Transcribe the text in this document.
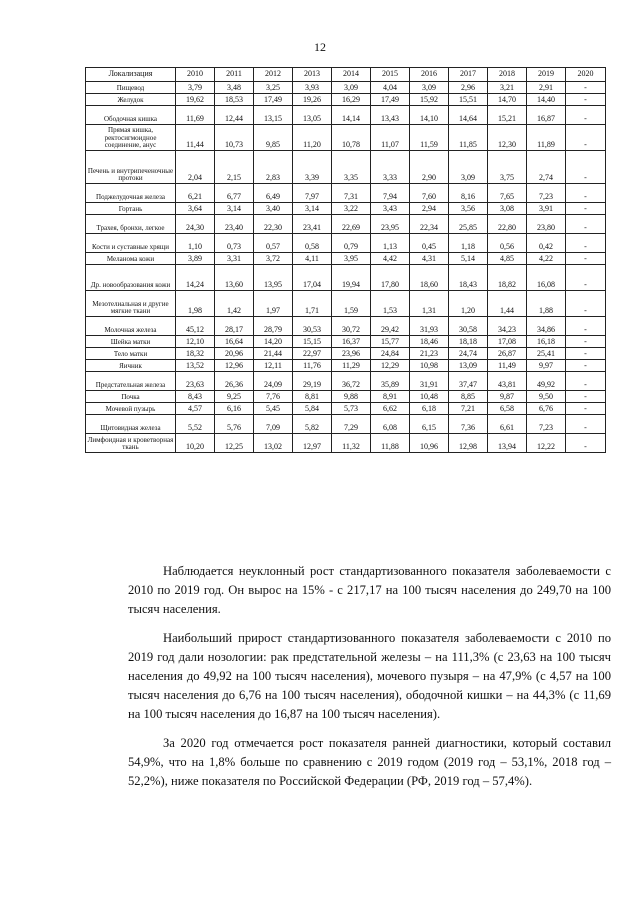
12
Локализация	2010	2011	2012	2013	2014	2015	2016	2017	2018	2019	2020
Пищевод	3,79	3,48	3,25	3,93	3,09	4,04	3,09	2,96	3,21	2,91	-
Желудок	19,62	18,53	17,49	19,26	16,29	17,49	15,92	15,51	14,70	14,40	-
Ободочная кишка	11,69	12,44	13,15	13,05	14,14	13,43	14,10	14,64	15,21	16,87	-
Прямая кишка, ректосигмоидное соединение, анус	11,44	10,73	9,85	11,20	10,78	11,07	11,59	11,85	12,30	11,89	-
Печень и внутрипеченочные протоки	2,04	2,15	2,83	3,39	3,35	3,33	2,90	3,09	3,75	2,74	-
Поджелудочная железа	6,21	6,77	6,49	7,97	7,31	7,94	7,60	8,16	7,65	7,23	-
Гортань	3,64	3,14	3,40	3,14	3,22	3,43	2,94	3,56	3,08	3,91	-
Трахея, бронхи, легкое	24,30	23,40	22,30	23,41	22,69	23,95	22,34	25,85	22,80	23,80	-
Кости и суставные хрящи	1,10	0,73	0,57	0,58	0,79	1,13	0,45	1,18	0,56	0,42	-
Меланома кожи	3,89	3,31	3,72	4,11	3,95	4,42	4,31	5,14	4,85	4,22	-
Др. новообразования кожи	14,24	13,60	13,95	17,04	19,94	17,80	18,60	18,43	18,82	16,08	-
Мезотелиальная и другие мягкие ткани	1,98	1,42	1,97	1,71	1,59	1,53	1,31	1,20	1,44	1,88	-
Молочная железа	45,12	28,17	28,79	30,53	30,72	29,42	31,93	30,58	34,23	34,86	-
Шейка матки	12,10	16,64	14,20	15,15	16,37	15,77	18,46	18,18	17,08	16,18	-
Тело матки	18,32	20,96	21,44	22,97	23,96	24,84	21,23	24,74	26,87	25,41	-
Яичник	13,52	12,96	12,11	11,76	11,29	12,29	10,98	13,09	11,49	9,97	-
Предстательная железа	23,63	26,36	24,09	29,19	36,72	35,89	31,91	37,47	43,81	49,92	-
Почка	8,43	9,25	7,76	8,81	9,88	8,91	10,48	8,85	9,87	9,50	-
Мочевой пузырь	4,57	6,16	5,45	5,84	5,73	6,62	6,18	7,21	6,58	6,76	-
Щитовидная железа	5,52	5,76	7,09	5,82	7,29	6,08	6,15	7,36	6,61	7,23	-
Лимфоидная и кроветворная ткань	10,20	12,25	13,02	12,97	11,32	11,88	10,96	12,98	13,94	12,22	-

Наблюдается неуклонный рост стандартизованного показателя заболеваемости с 2010 по 2019 год. Он вырос на 15% - с 217,17 на 100 тысяч населения до 249,70 на 100 тысяч населения.

Наибольший прирост стандартизованного показателя заболеваемости с 2010 по 2019 год дали нозологии: рак предстательной железы – на 111,3% (с 23,63 на 100 тысяч населения до 49,92 на 100 тысяч населения), мочевого пузыря – на 47,9% (с 4,57 на 100 тысяч населения до 6,76 на 100 тысяч населения), ободочной кишки – на 44,3% (с 11,69 на 100 тысяч населения до 16,87 на 100 тысяч населения).

За 2020 год отмечается рост показателя ранней диагностики, который составил 54,9%, что на 1,8% больше по сравнению с 2019 годом (2019 год – 53,1%, 2018 год – 52,2%), ниже показателя по Российской Федерации (РФ, 2019 год – 57,4%).
